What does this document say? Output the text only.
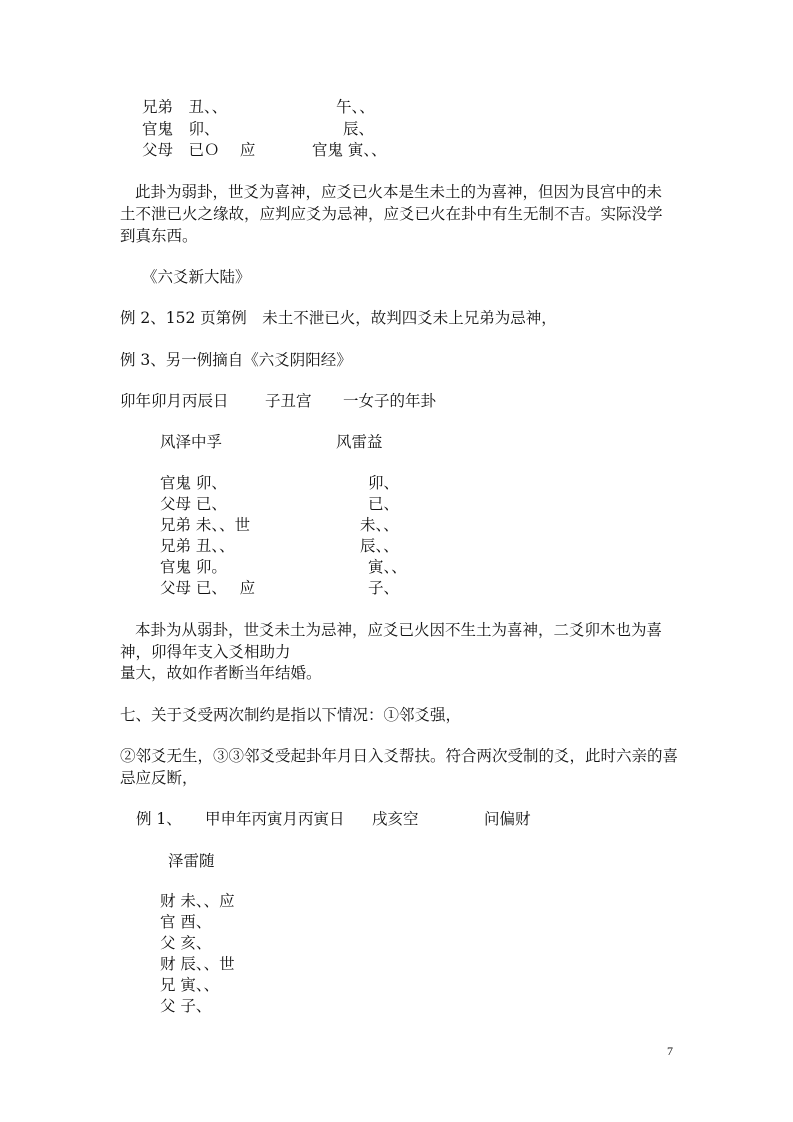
兄弟　丑、、	午、、
官鬼　卯、	辰、
父母　已Ｏ　 应	官鬼 寅、、
此卦为弱卦，世爻为喜神，应爻已火本是生未土的为喜神，但因为艮宫中的未
土不泄已火之缘故，应判应爻为忌神，应爻已火在卦中有生无制不吉。实际没学
到真东西。
《六爻新大陆》
例 2、152 页第例　未土不泄已火，故判四爻未上兄弟为忌神，
例 3、另一例摘自《六爻阴阳经》
卯年卯月丙辰日 子丑宫 一女子的年卦
风泽中孚	风雷益
官鬼 卯、	卯、
父母 已、	已、
兄弟 未、、世	未、、
兄弟 丑、、	辰、、
官鬼 卯。	寅、、
父母 已、　 应	子、
本卦为从弱卦，世爻未土为忌神，应爻已火因不生土为喜神，二爻卯木也为喜
神，卯得年支入爻相助力
量大，故如作者断当年结婚。
七、关于爻受两次制约是指以下情况：①邻爻强，
②邻爻无生，③③邻爻受起卦年月日入爻帮扶。符合两次受制的爻，此时六亲的喜
忌应反断，
例 1、 甲申年丙寅月丙寅日 戌亥空	问偏财
泽雷随
财 未、、应
官 酉、
父 亥、
财 辰、、世
兄 寅、、
父 子、
7
